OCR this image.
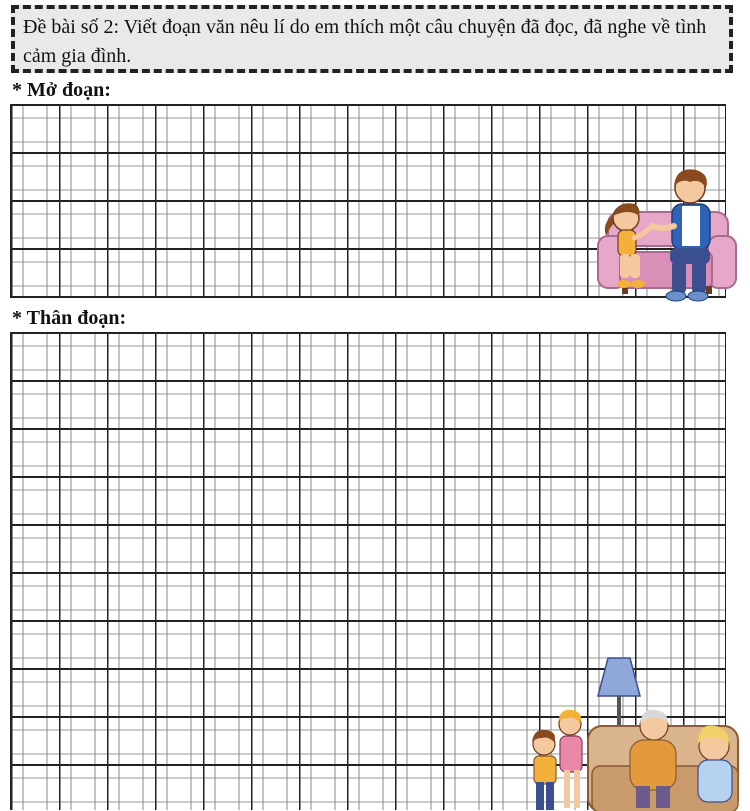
Đề bài số 2: Viết đoạn văn nêu lí do em thích một câu chuyện đã đọc, đã nghe về tình cảm gia đình.
* Mở đoạn:
* Thân đoạn:
